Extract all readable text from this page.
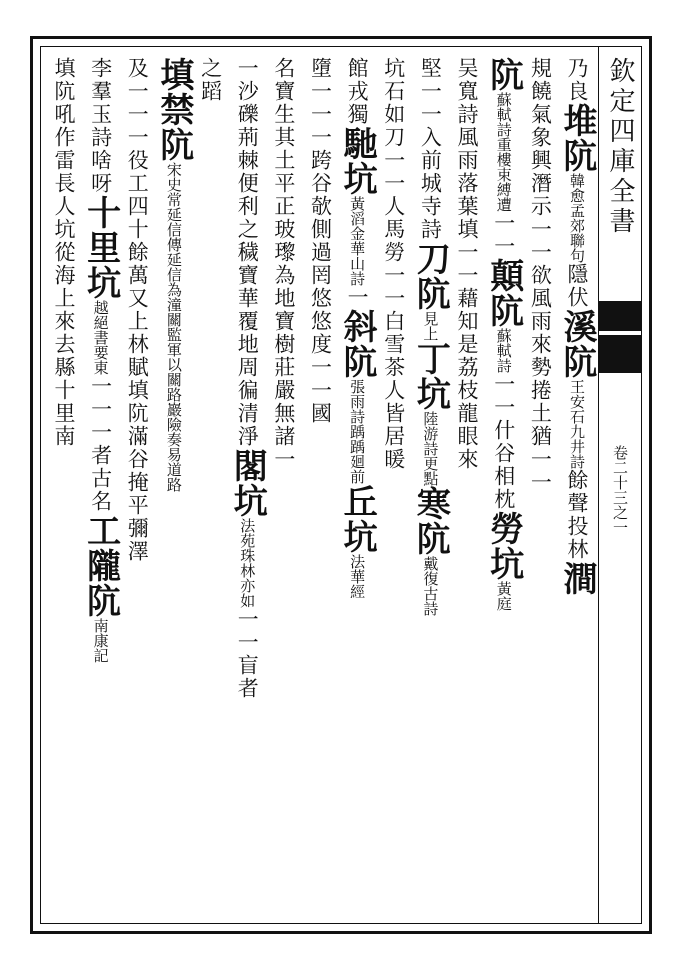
欽定四庫全書
卷二十三之一
乃良堆阬韓愈孟郊聯句隱伏溪阬王安石九井詩餘聲投林澗
規饒氣象興潛示一一欲風雨來勢捲土猶一一
阬蘇軾詩重樓束縛遭一一顛阬蘇軾詩一一什谷相枕勞坑黃庭
吴寬詩風雨落葉填一一藉知是荔枝龍眼來
堅一一入前城寺詩刀阬見上丁坑陸游詩更點寒阬戴復古詩
坑石如刀一一人馬勞一一白雪茶人皆居暖
館戎獨馳坑黃滔金華山詩一斜阬張雨詩踽踽廻前丘坑法華經
墮一一一跨谷欹側過罔悠悠度一一國
名寶生其土平正玻瓈為地寶樹莊嚴無諸一
一沙礫荊棘便利之穢寶華覆地周徧清淨閣坑法苑珠林亦如一一盲者
之蹈
填禁阬宋史常延信傳延信為潼關監軍以關路巖險奏易道路
及一一一役工四十餘萬又上林賦填阬滿谷掩平彌澤
李羣玉詩啥呀十里坑越絕書要東一一一者古名工隴阬南康記
填阬吼作雷長人坑從海上來去縣十里南
